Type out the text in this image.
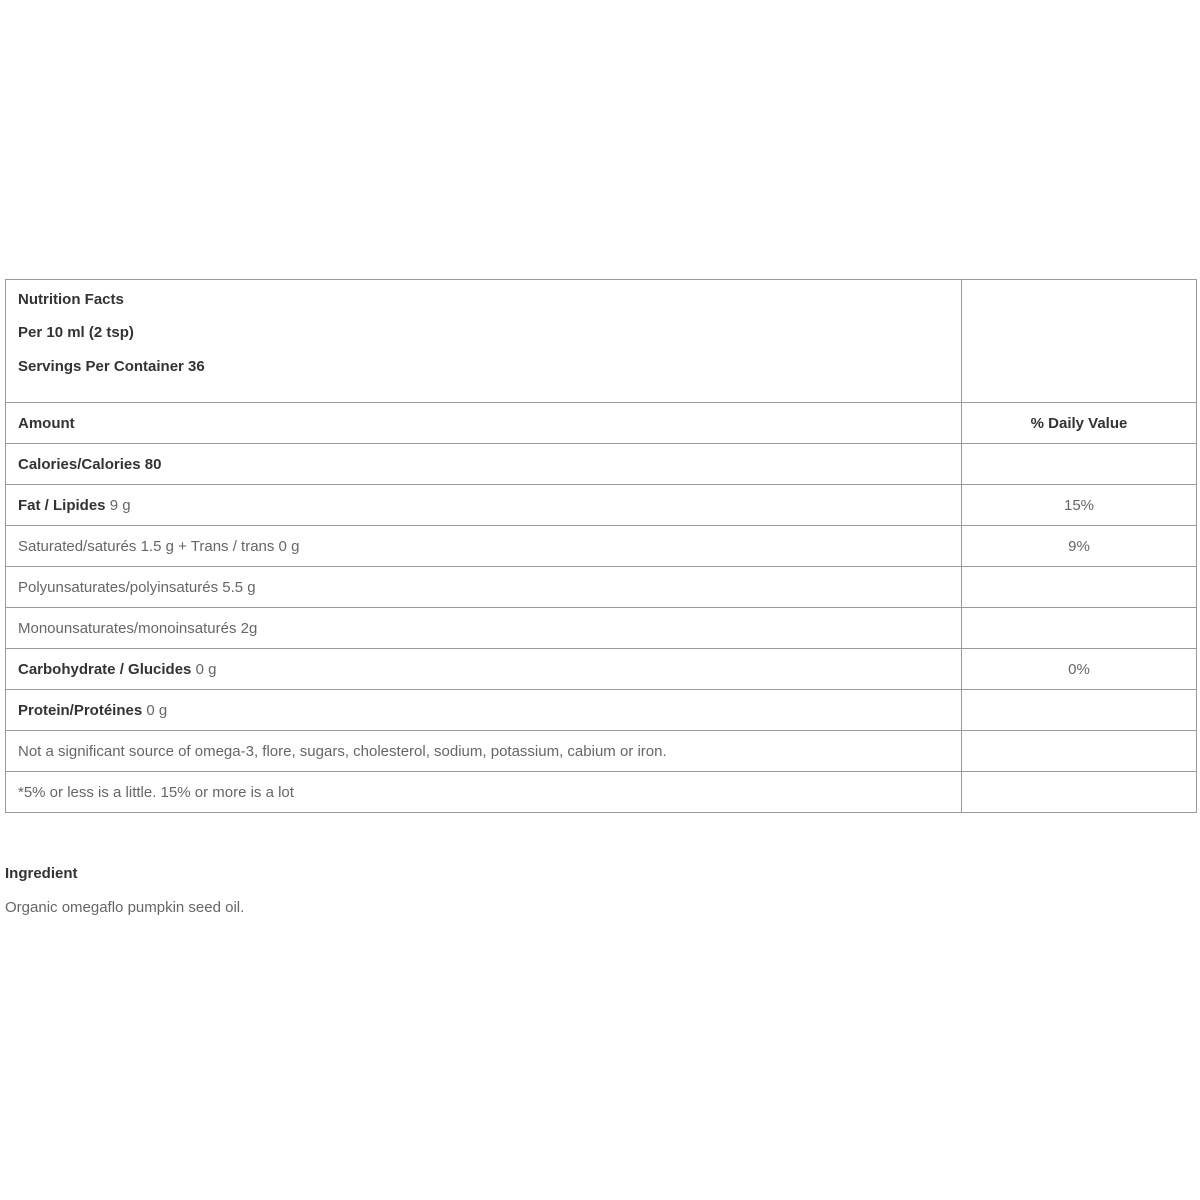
Nutrition Facts
Per 10 ml (2 tsp)
Servings Per Container 36	

Amount	% Daily Value
Calories/Calories 80	
Fat / Lipides 9 g	15%
Saturated/saturés 1.5 g + Trans / trans 0 g	9%
Polyunsaturates/polyinsaturés 5.5 g	
Monounsaturates/monoinsaturés 2g	
Carbohydrate / Glucides 0 g	0%
Protein/Protéines 0 g	
Not a significant source of omega-3, flore, sugars, cholesterol, sodium, potassium, cabium or iron.	
*5% or less is a little. 15% or more is a lot	
Ingredient
Organic omegaflo pumpkin seed oil.
